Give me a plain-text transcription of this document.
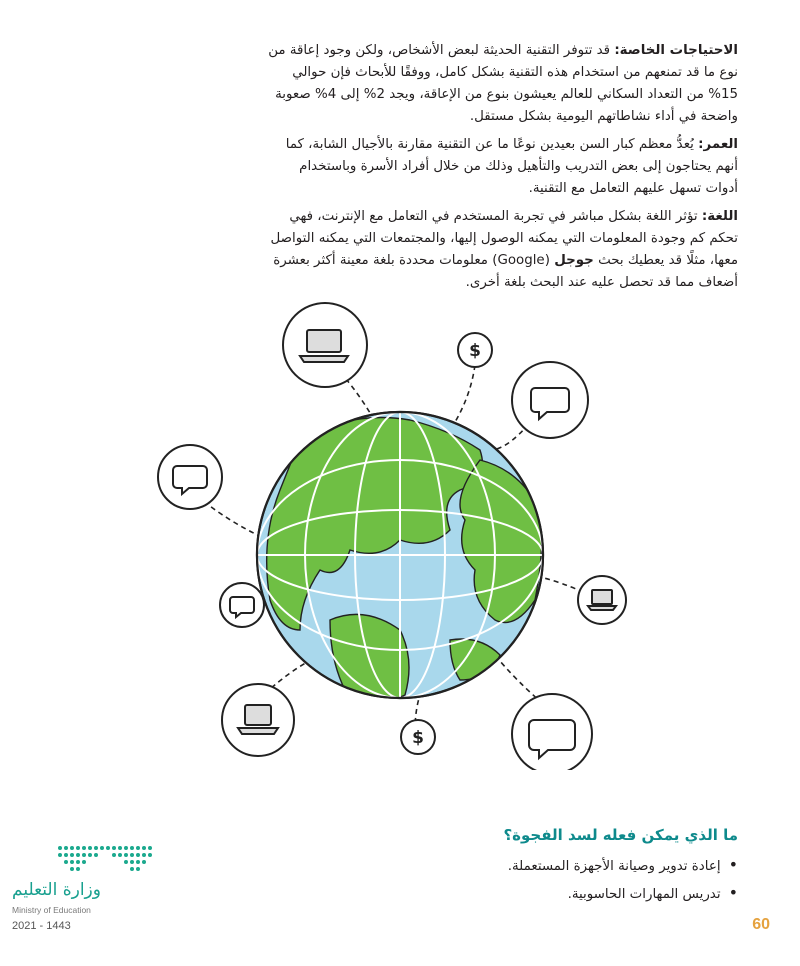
الاحتياجات الخاصة: قد تتوفر التقنية الحديثة لبعض الأشخاص، ولكن وجود إعاقة من نوع ما قد تمنعهم من استخدام هذه التقنية بشكل كامل، ووفقًا للأبحاث فإن حوالي 15% من التعداد السكاني للعالم يعيشون بنوع من الإعاقة، ويجد 2% إلى 4% صعوبة واضحة في أداء نشاطاتهم اليومية بشكل مستقل.

العمر: يُعدُّ معظم كبار السن بعيدين نوعًا ما عن التقنية مقارنة بالأجيال الشابة، كما أنهم يحتاجون إلى بعض التدريب والتأهيل وذلك من خلال أفراد الأسرة وباستخدام أدوات تسهل عليهم التعامل مع التقنية.

اللغة: تؤثر اللغة بشكل مباشر في تجربة المستخدم في التعامل مع الإنترنت، فهي تحكم كم وجودة المعلومات التي يمكنه الوصول إليها، والمجتمعات التي يمكنه التواصل معها، مثلًا قد يعطيك بحث جوجل (Google) معلومات محددة بلغة معينة أكثر بعشرة أضعاف مما قد تحصل عليه عند البحث بلغة أخرى.

$
$
ما الذي يمكن فعله لسد الفجوة؟
• إعادة تدوير وصيانة الأجهزة المستعملة.
• تدريس المهارات الحاسوبية.
وزارة التعليم
Ministry of Education
2021 - 1443	60
